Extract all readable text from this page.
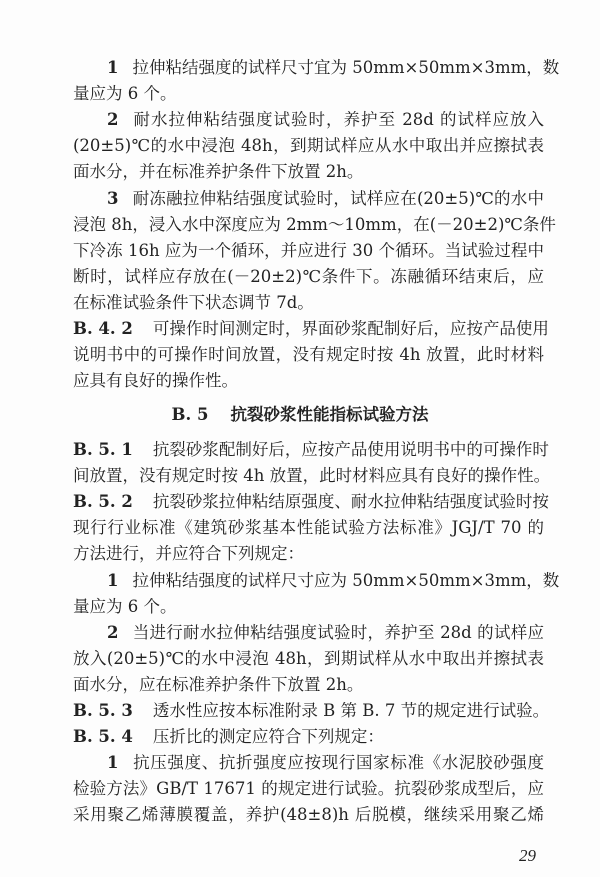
1 拉伸粘结强度的试样尺寸宜为 50mm×50mm×3mm，数
量应为 6 个。
2 耐水拉伸粘结强度试验时，养护至 28d 的试样应放入
(20±5)℃的水中浸泡 48h，到期试样应从水中取出并应擦拭表
面水分，并在标准养护条件下放置 2h。
3 耐冻融拉伸粘结强度试验时，试样应在(20±5)℃的水中
浸泡 8h，浸入水中深度应为 2mm～10mm，在(－20±2)℃条件
下冷冻 16h 应为一个循环，并应进行 30 个循环。当试验过程中
断时，试样应存放在(－20±2)℃条件下。冻融循环结束后，应
在标准试验条件下状态调节 7d。
B. 4. 2 可操作时间测定时，界面砂浆配制好后，应按产品使用
说明书中的可操作时间放置，没有规定时按 4h 放置，此时材料
应具有良好的操作性。
B. 5 抗裂砂浆性能指标试验方法
B. 5. 1 抗裂砂浆配制好后，应按产品使用说明书中的可操作时
间放置，没有规定时按 4h 放置，此时材料应具有良好的操作性。
B. 5. 2 抗裂砂浆拉伸粘结原强度、耐水拉伸粘结强度试验时按
现行行业标准《建筑砂浆基本性能试验方法标准》JGJ/T 70 的
方法进行，并应符合下列规定：
1 拉伸粘结强度的试样尺寸应为 50mm×50mm×3mm，数
量应为 6 个。
2 当进行耐水拉伸粘结强度试验时，养护至 28d 的试样应
放入(20±5)℃的水中浸泡 48h，到期试样从水中取出并擦拭表
面水分，应在标准养护条件下放置 2h。
B. 5. 3 透水性应按本标准附录 B 第 B. 7 节的规定进行试验。
B. 5. 4 压折比的测定应符合下列规定：
1 抗压强度、抗折强度应按现行国家标准《水泥胶砂强度
检验方法》GB/T 17671 的规定进行试验。抗裂砂浆成型后，应
采用聚乙烯薄膜覆盖，养护(48±8)h 后脱模，继续采用聚乙烯
29
